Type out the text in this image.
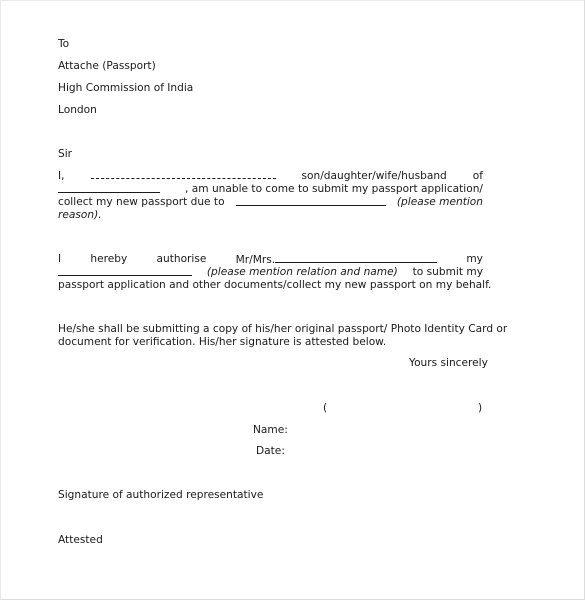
To
Attache (Passport)
High Commission of India
London
Sir
I,	son/daughter/wife/husband of
, am unable to come to submit my passport application/
collect my new passport due to	(please mention
reason).
I	hereby	authorise	Mr/Mrs.	my
(please mention relation and name) to submit my
passport application and other documents/collect my new passport on my behalf.
He/she shall be submitting a copy of his/her original passport/ Photo Identity Card or
document for verification. His/her signature is attested below.
Yours sincerely
(	)
Name:
Date:
Signature of authorized representative
Attested
